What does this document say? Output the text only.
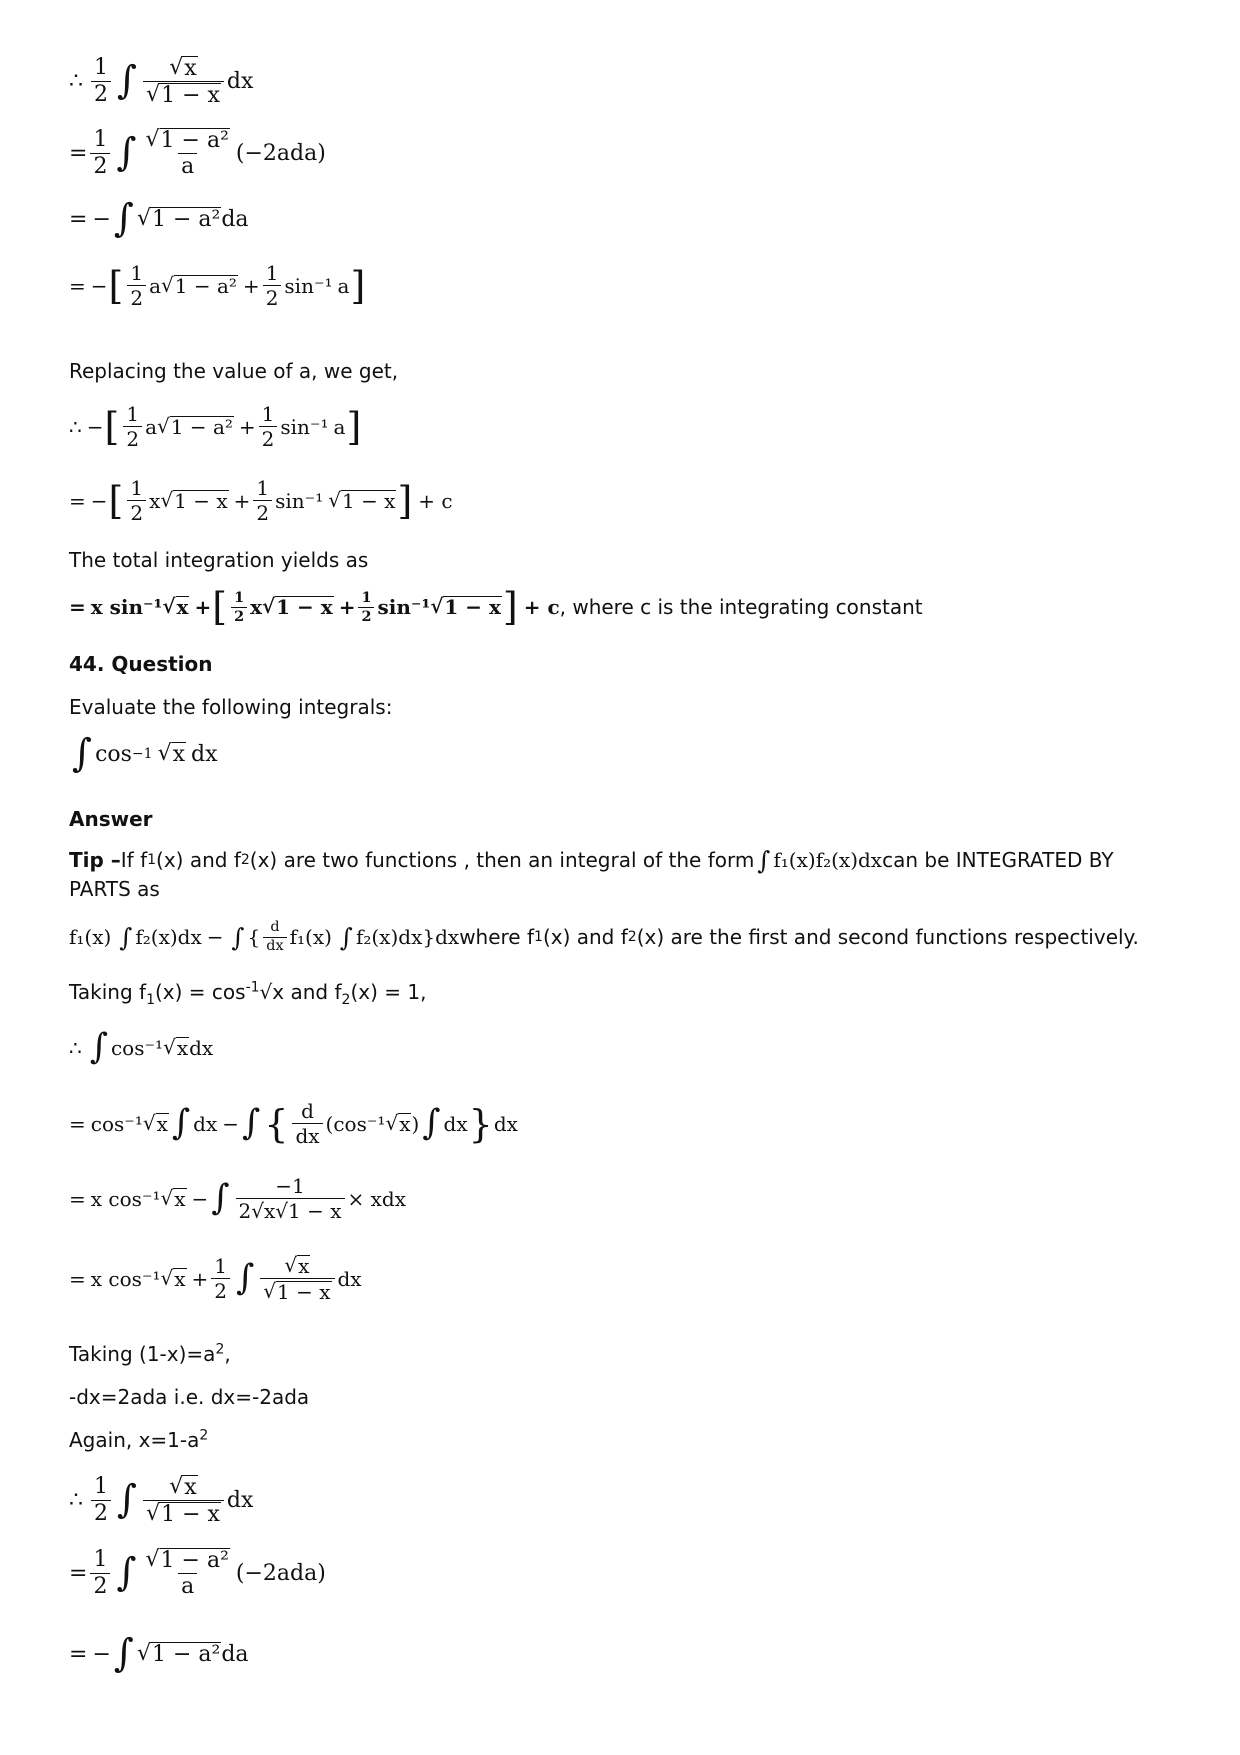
∴ $\frac{1}{2}$ ∫ $\frac{√ x}{√ 1 - x}$ dx
= $\frac{1}{2}$ ∫ $\frac{\text{√ 1 − a²}}{a} (-2ada)$
= − ∫ √ 1 − a² da
= − [ $\frac{1}{2}$ a √ $1 - a^2 + \frac{1}{2} \sin^{-1}$ a ]
Replacing the value of a, we get,
∴ − [ $\frac{1}{2}$ a √ $1 - a^2 + \frac{1}{2} \sin^{-1}$ a ]
= − [ $\frac{1}{2}$ x √ $1 - x + \frac{1}{2} \sin^{-1}$ √ 1 − x ] + c
The total integration yields as
= x sin⁻¹ √ x + [ $\frac{1}{2}$ x √ $1 - x + \frac{1}{2} \sin^{-1}$ √ 1 − x ] + c , where c is the integrating constant
44. Question
Evaluate the following integrals:
∫ cos −1 √ x dx
Answer
Tip – If f 1 (x) and f 2 (x) are two functions , then an integral of the form ∫ f₁(x) f₂(x) dx can be INTEGRATED BY
PARTS as
f₁(x) ∫ f₂(x) dx − ∫ { $\frac{d}{dx} f_1(x)$ ∫ f₂(x) dx } dx where f 1 (x) and f 2 (x) are the first and second functions respectively.
Taking $f_1(x) = \cos^{-1}√x$ and $f_2(x) = 1$,
∴ ∫ cos⁻¹ √ x dx
= cos⁻¹ √ x ∫ dx − ∫ { $\frac{d}{dx}$ ( cos⁻¹ √ x ) ∫ dx } dx
= x cos⁻¹ √ x − ∫ $\frac{-1}{2√x√1 - x}$ × xdx
= x cos⁻¹ √ $x + \frac{1}{2}$ ∫ $\frac{√ x}{√ 1 - x}$ dx
Taking $(1-x)=a^2$,
-dx=2ada i.e. dx=-2ada
Again, $x=1-a^2$
∴ $\frac{1}{2}$ ∫ $\frac{√ x}{√ 1 - x}$ dx
= $\frac{1}{2}$ ∫ $\frac{\text{√ 1 − a²}}{a} (-2ada)$
= − ∫ √ 1 − a² da
